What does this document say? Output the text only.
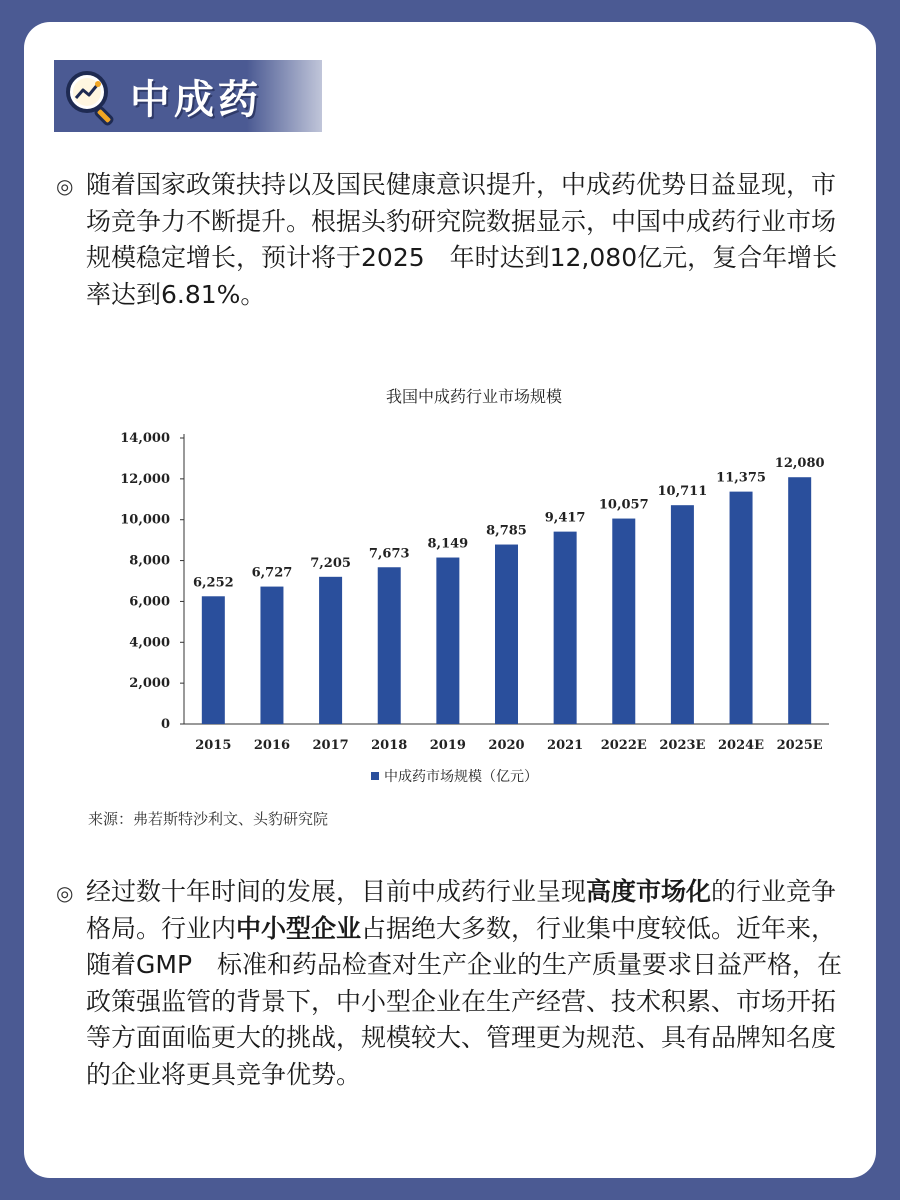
中成药
◎ 随着国家政策扶持以及国民健康意识提升，中成药优势日益显现，市场竞争力不断提升。根据头豹研究院数据显示，中国中成药行业市场规模稳定增长，预计将于2025　年时达到12,080亿元，复合年增长率达到6.81%。
我国中成药行业市场规模
0
2,000
4,000
6,000
8,000
10,000
12,000
14,000
6,252
2015
6,727
2016
7,205
2017
7,673
2018
8,149
2019
8,785
2020
9,417
2021
10,057
2022E
10,711
2023E
11,375
2024E
12,080
2025E
中成药市场规模（亿元）
来源：弗若斯特沙利文、头豹研究院
◎ 经过数十年时间的发展，目前中成药行业呈现高度市场化的行业竞争格局。行业内中小型企业占据绝大多数，行业集中度较低。近年来，随着GMP　标准和药品检查对生产企业的生产质量要求日益严格，在政策强监管的背景下，中小型企业在生产经营、技术积累、市场开拓等方面面临更大的挑战，规模较大、管理更为规范、具有品牌知名度的企业将更具竞争优势。
